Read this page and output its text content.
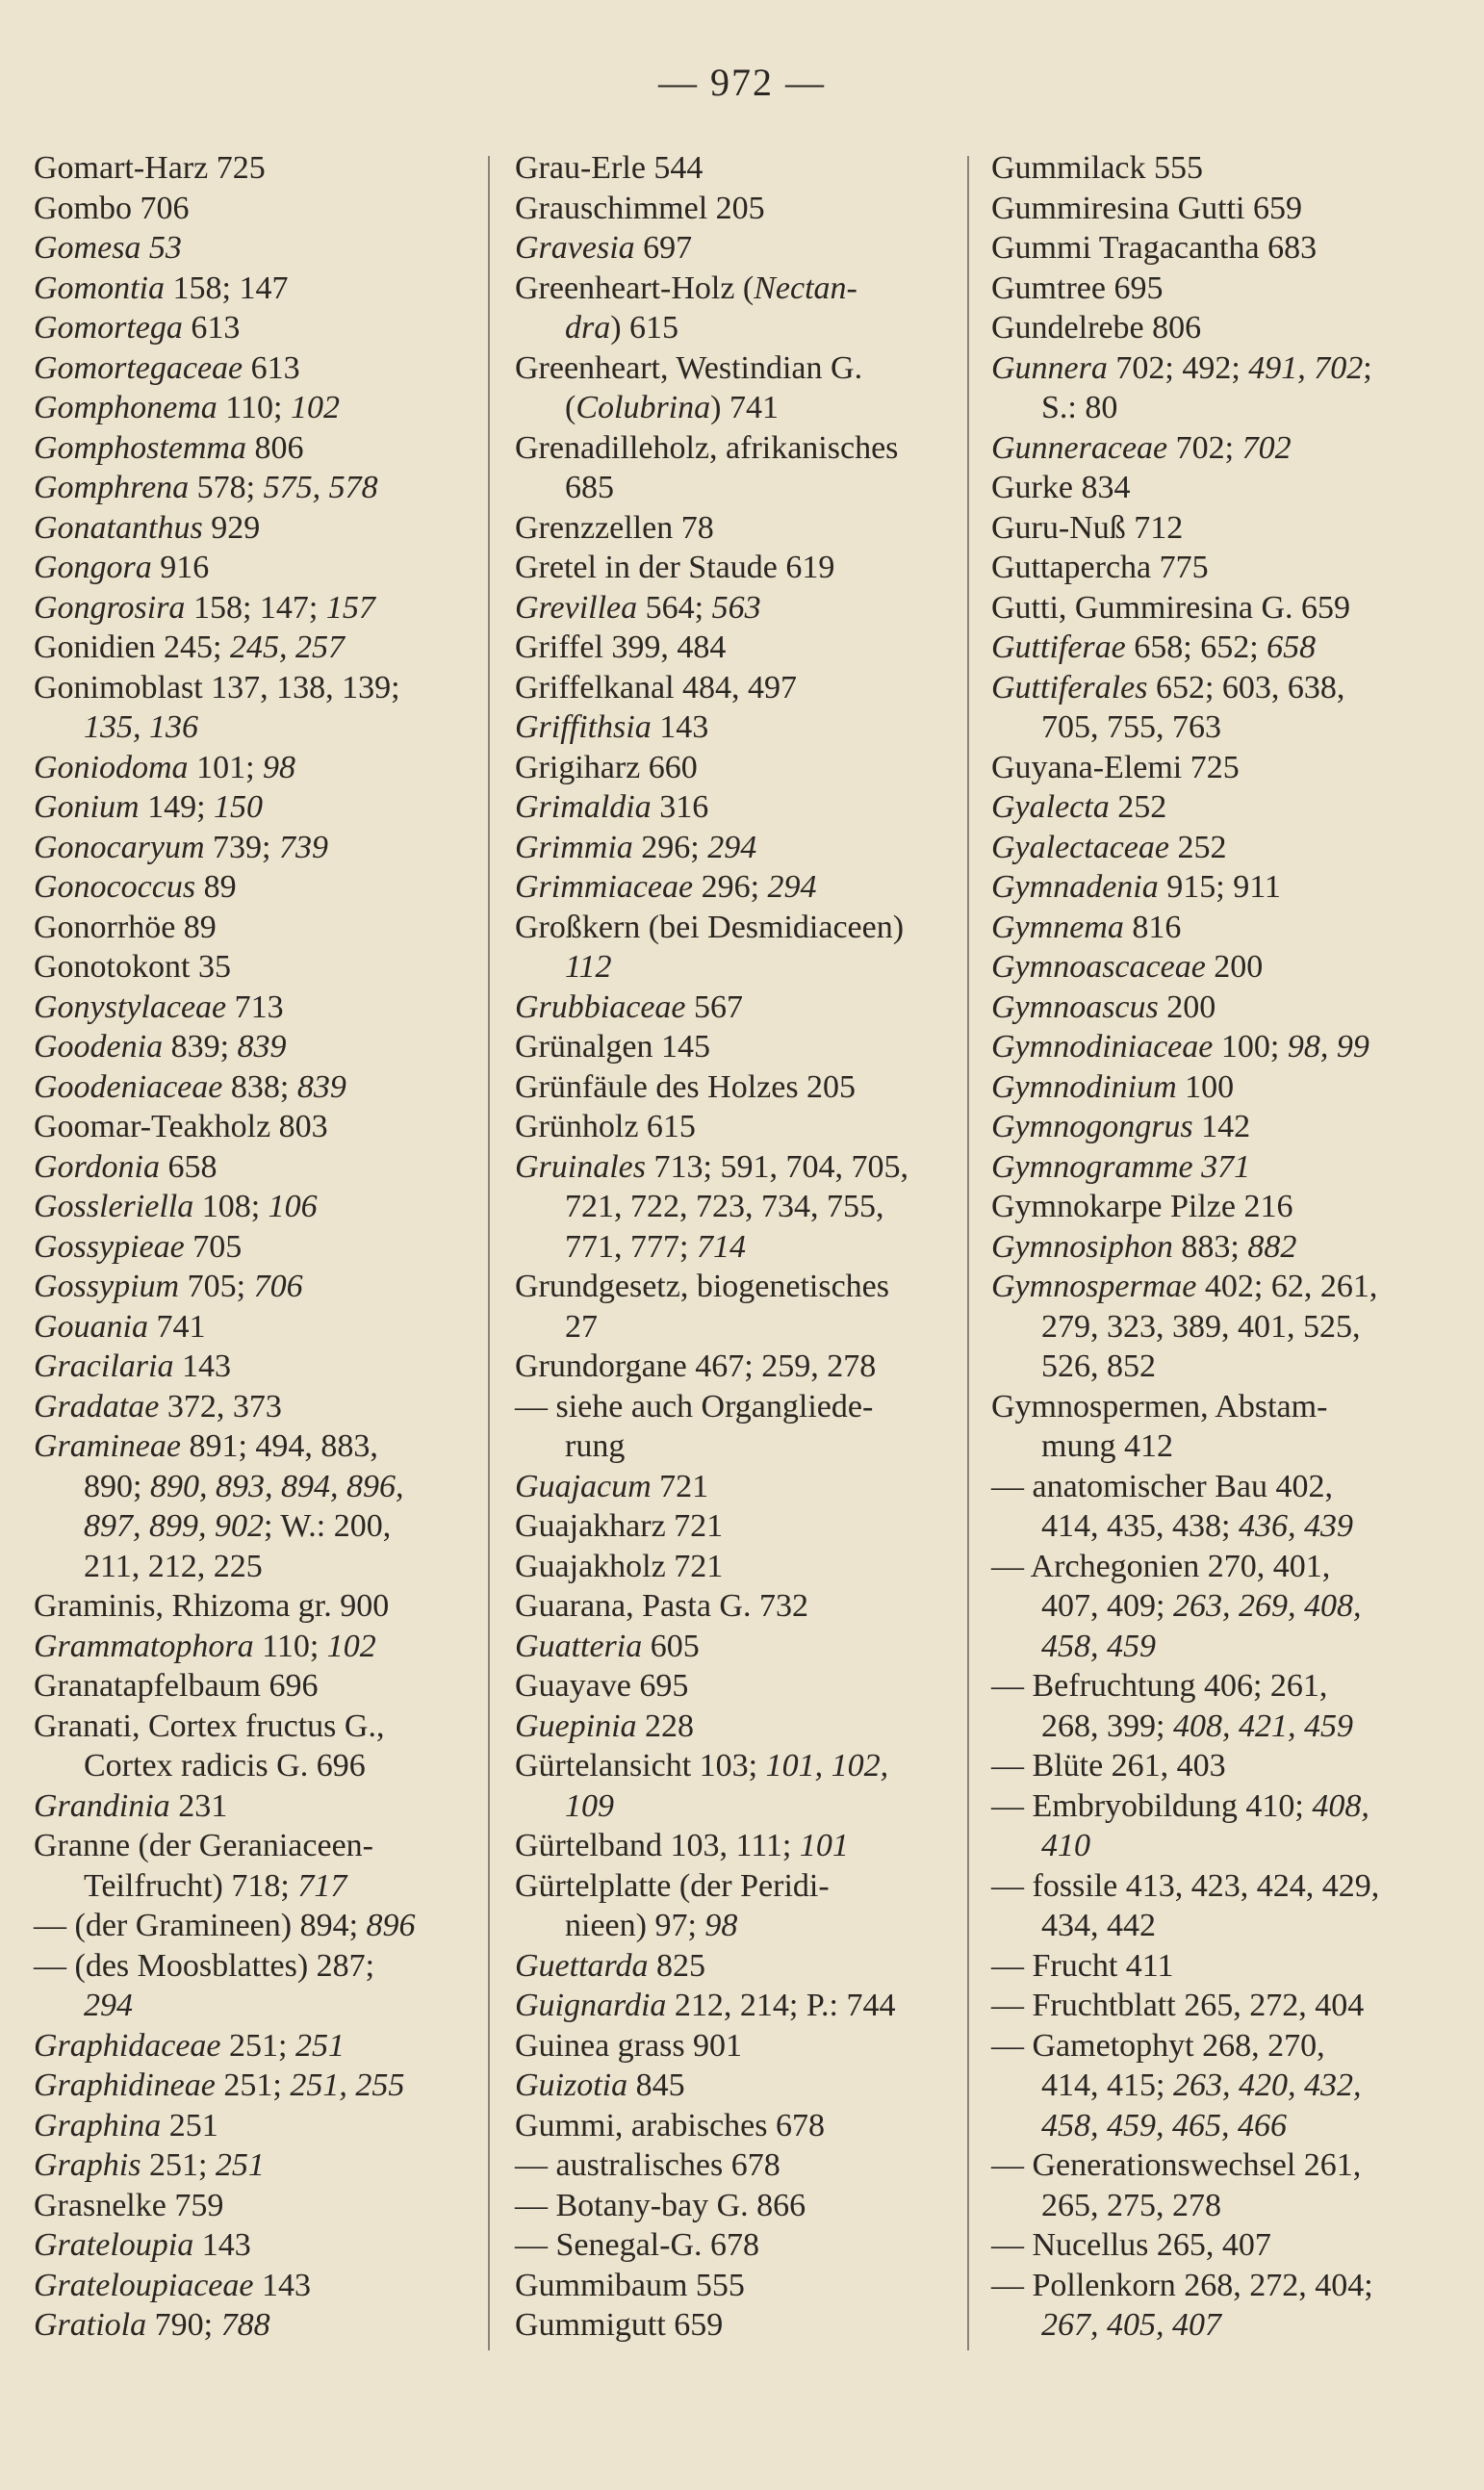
— 972 —
Gomart-Harz 725
Gombo 706
Gomesa 53
Gomontia 158; 147
Gomortega 613
Gomortegaceae 613
Gomphonema 110; 102
Gomphostemma 806
Gomphrena 578; 575, 578
Gonatanthus 929
Gongora 916
Gongrosira 158; 147; 157
Gonidien 245; 245, 257
Gonimoblast 137, 138, 139;
135, 136
Goniodoma 101; 98
Gonium 149; 150
Gonocaryum 739; 739
Gonococcus 89
Gonorrhöe 89
Gonotokont 35
Gonystylaceae 713
Goodenia 839; 839
Goodeniaceae 838; 839
Goomar-Teakholz 803
Gordonia 658
Gossleriella 108; 106
Gossypieae 705
Gossypium 705; 706
Gouania 741
Gracilaria 143
Gradatae 372, 373
Gramineae 891; 494, 883,
890; 890, 893, 894, 896,
897, 899, 902; W.: 200,
211, 212, 225
Graminis, Rhizoma gr. 900
Grammatophora 110; 102
Granatapfelbaum 696
Granati, Cortex fructus G.,
Cortex radicis G. 696
Grandinia 231
Granne (der Geraniaceen-
Teilfrucht) 718; 717
— (der Gramineen) 894; 896
— (des Moosblattes) 287;
294
Graphidaceae 251; 251
Graphidineae 251; 251, 255
Graphina 251
Graphis 251; 251
Grasnelke 759
Grateloupia 143
Grateloupiaceae 143
Gratiola 790; 788
Grau-Erle 544
Grauschimmel 205
Gravesia 697
Greenheart-Holz (Nectan-
dra) 615
Greenheart, Westindian G.
(Colubrina) 741
Grenadilleholz, afrikanisches
685
Grenzzellen 78
Gretel in der Staude 619
Grevillea 564; 563
Griffel 399, 484
Griffelkanal 484, 497
Griffithsia 143
Grigiharz 660
Grimaldia 316
Grimmia 296; 294
Grimmiaceae 296; 294
Großkern (bei Desmidiaceen)
112
Grubbiaceae 567
Grünalgen 145
Grünfäule des Holzes 205
Grünholz 615
Gruinales 713; 591, 704, 705,
721, 722, 723, 734, 755,
771, 777; 714
Grundgesetz, biogenetisches
27
Grundorgane 467; 259, 278
— siehe auch Organgliede-
rung
Guajacum 721
Guajakharz 721
Guajakholz 721
Guarana, Pasta G. 732
Guatteria 605
Guayave 695
Guepinia 228
Gürtelansicht 103; 101, 102,
109
Gürtelband 103, 111; 101
Gürtelplatte (der Peridi-
nieen) 97; 98
Guettarda 825
Guignardia 212, 214; P.: 744
Guinea grass 901
Guizotia 845
Gummi, arabisches 678
— australisches 678
— Botany-bay G. 866
— Senegal-G. 678
Gummibaum 555
Gummigutt 659
Gummilack 555
Gummiresina Gutti 659
Gummi Tragacantha 683
Gumtree 695
Gundelrebe 806
Gunnera 702; 492; 491, 702;
S.: 80
Gunneraceae 702; 702
Gurke 834
Guru-Nuß 712
Guttapercha 775
Gutti, Gummiresina G. 659
Guttiferae 658; 652; 658
Guttiferales 652; 603, 638,
705, 755, 763
Guyana-Elemi 725
Gyalecta 252
Gyalectaceae 252
Gymnadenia 915; 911
Gymnema 816
Gymnoascaceae 200
Gymnoascus 200
Gymnodiniaceae 100; 98, 99
Gymnodinium 100
Gymnogongrus 142
Gymnogramme 371
Gymnokarpe Pilze 216
Gymnosiphon 883; 882
Gymnospermae 402; 62, 261,
279, 323, 389, 401, 525,
526, 852
Gymnospermen, Abstam-
mung 412
— anatomischer Bau 402,
414, 435, 438; 436, 439
— Archegonien 270, 401,
407, 409; 263, 269, 408,
458, 459
— Befruchtung 406; 261,
268, 399; 408, 421, 459
— Blüte 261, 403
— Embryobildung 410; 408,
410
— fossile 413, 423, 424, 429,
434, 442
— Frucht 411
— Fruchtblatt 265, 272, 404
— Gametophyt 268, 270,
414, 415; 263, 420, 432,
458, 459, 465, 466
— Generationswechsel 261,
265, 275, 278
— Nucellus 265, 407
— Pollenkorn 268, 272, 404;
267, 405, 407
